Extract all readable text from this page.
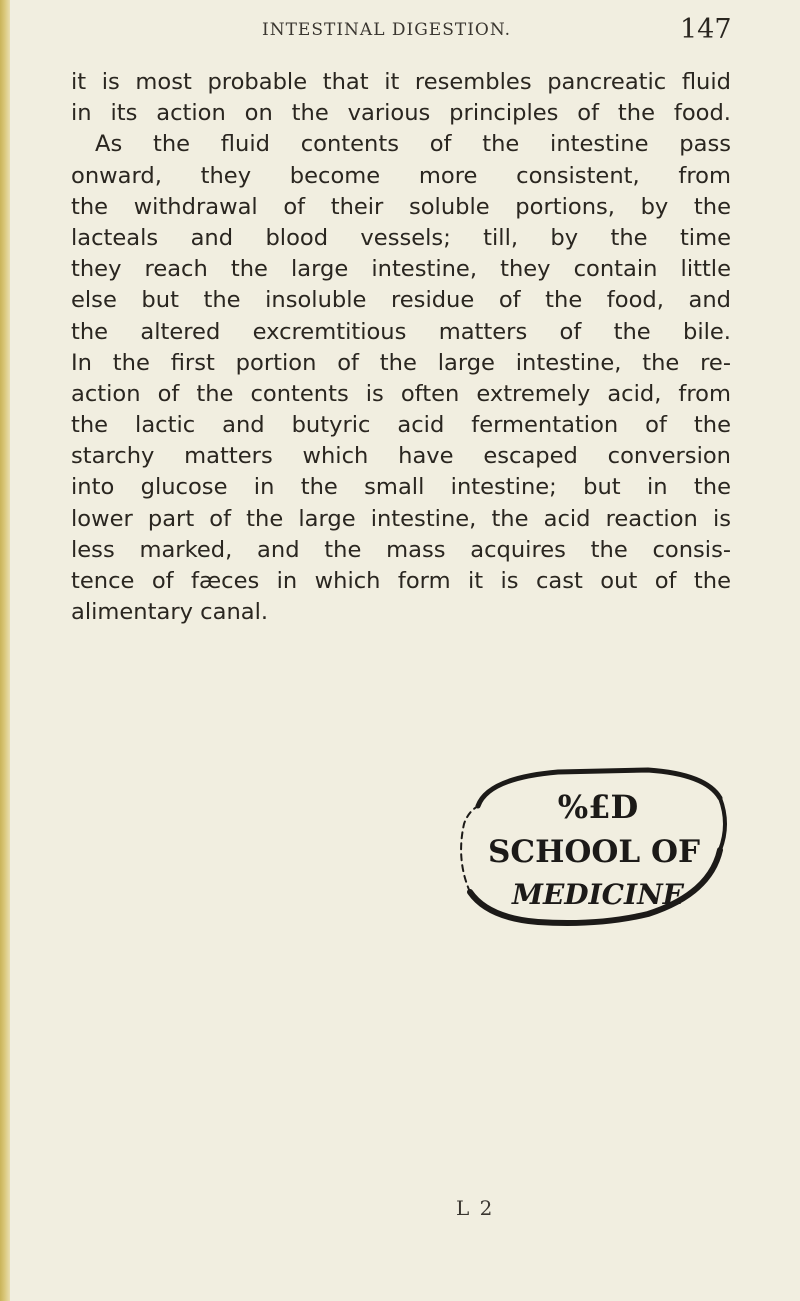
INTESTINAL DIGESTION.	147
it is most probable that it resembles pancreatic fluid
in its action on the various principles of the food.
As the fluid contents of the intestine pass
onward, they become more consistent, from
the withdrawal of their soluble portions, by the
lacteals and blood vessels; till, by the time
they reach the large intestine, they contain little
else but the insoluble residue of the food, and
the altered excremtitious matters of the bile.
In the first portion of the large intestine, the re-
action of the contents is often extremely acid, from
the lactic and butyric acid fermentation of the
starchy matters which have escaped conversion
into glucose in the small intestine; but in the
lower part of the large intestine, the acid reaction is
less marked, and the mass acquires the consis-
tence of fæces in which form it is cast out of the
alimentary canal.
%£D
SCHOOL OF
MEDICINE
L 2
